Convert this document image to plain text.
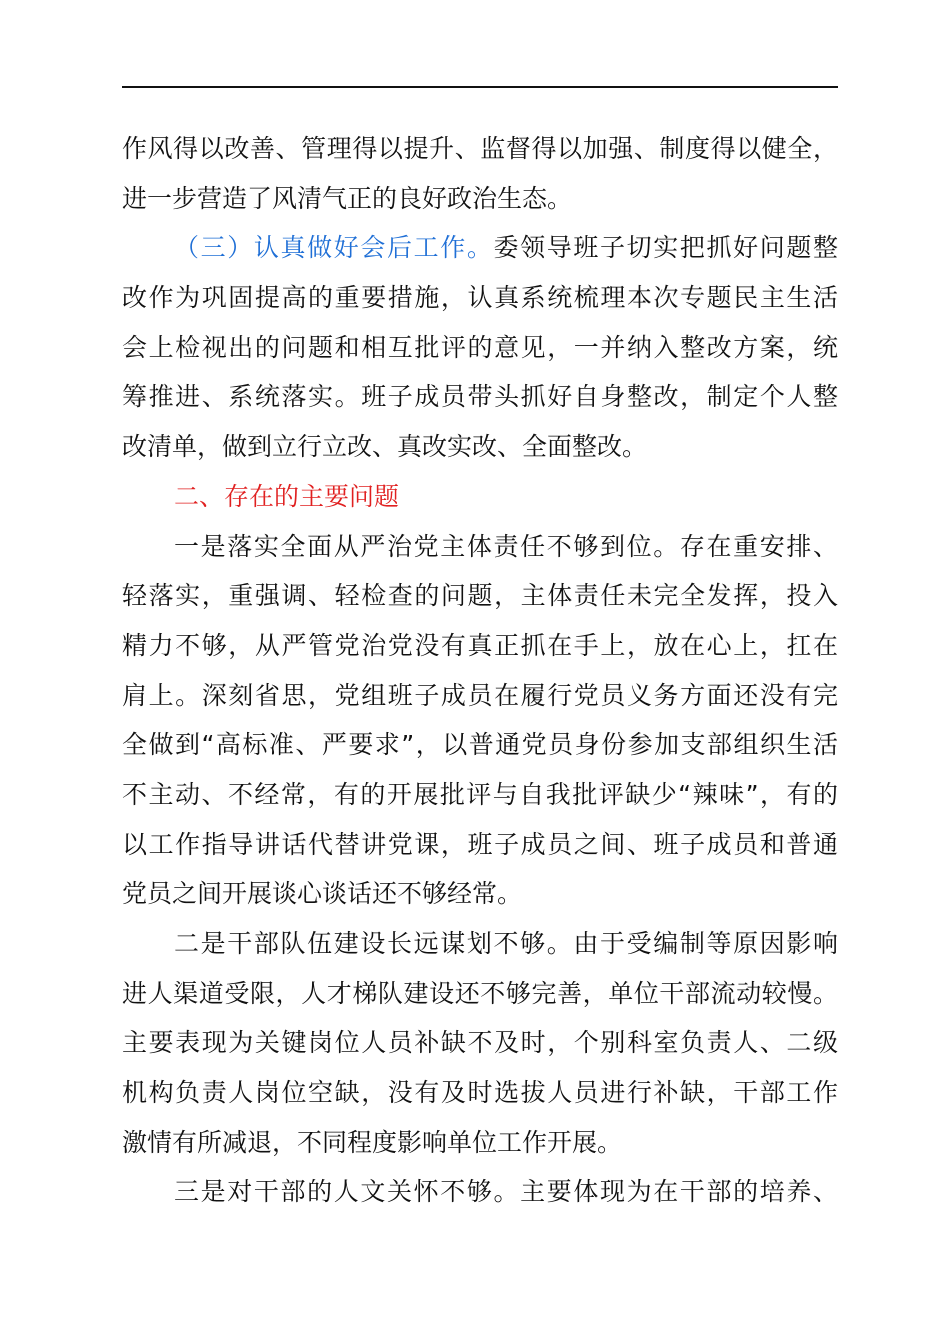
作风得以改善、管理得以提升、监督得以加强、制度得以健全，
进一步营造了风清气正的良好政治生态。
（三）认真做好会后工作。委领导班子切实把抓好问题整
改作为巩固提高的重要措施，认真系统梳理本次专题民主生活
会上检视出的问题和相互批评的意见，一并纳入整改方案，统
筹推进、系统落实。班子成员带头抓好自身整改，制定个人整
改清单，做到立行立改、真改实改、全面整改。
二、存在的主要问题
一是落实全面从严治党主体责任不够到位。存在重安排、
轻落实，重强调、轻检查的问题，主体责任未完全发挥，投入
精力不够，从严管党治党没有真正抓在手上，放在心上，扛在
肩上。深刻省思，党组班子成员在履行党员义务方面还没有完
全做到“高标准、严要求”，以普通党员身份参加支部组织生活
不主动、不经常，有的开展批评与自我批评缺少“辣味”，有的
以工作指导讲话代替讲党课，班子成员之间、班子成员和普通
党员之间开展谈心谈话还不够经常。
二是干部队伍建设长远谋划不够。由于受编制等原因影响
进人渠道受限，人才梯队建设还不够完善，单位干部流动较慢。
主要表现为关键岗位人员补缺不及时，个别科室负责人、二级
机构负责人岗位空缺，没有及时选拔人员进行补缺，干部工作
激情有所减退，不同程度影响单位工作开展。
三是对干部的人文关怀不够。主要体现为在干部的培养、
